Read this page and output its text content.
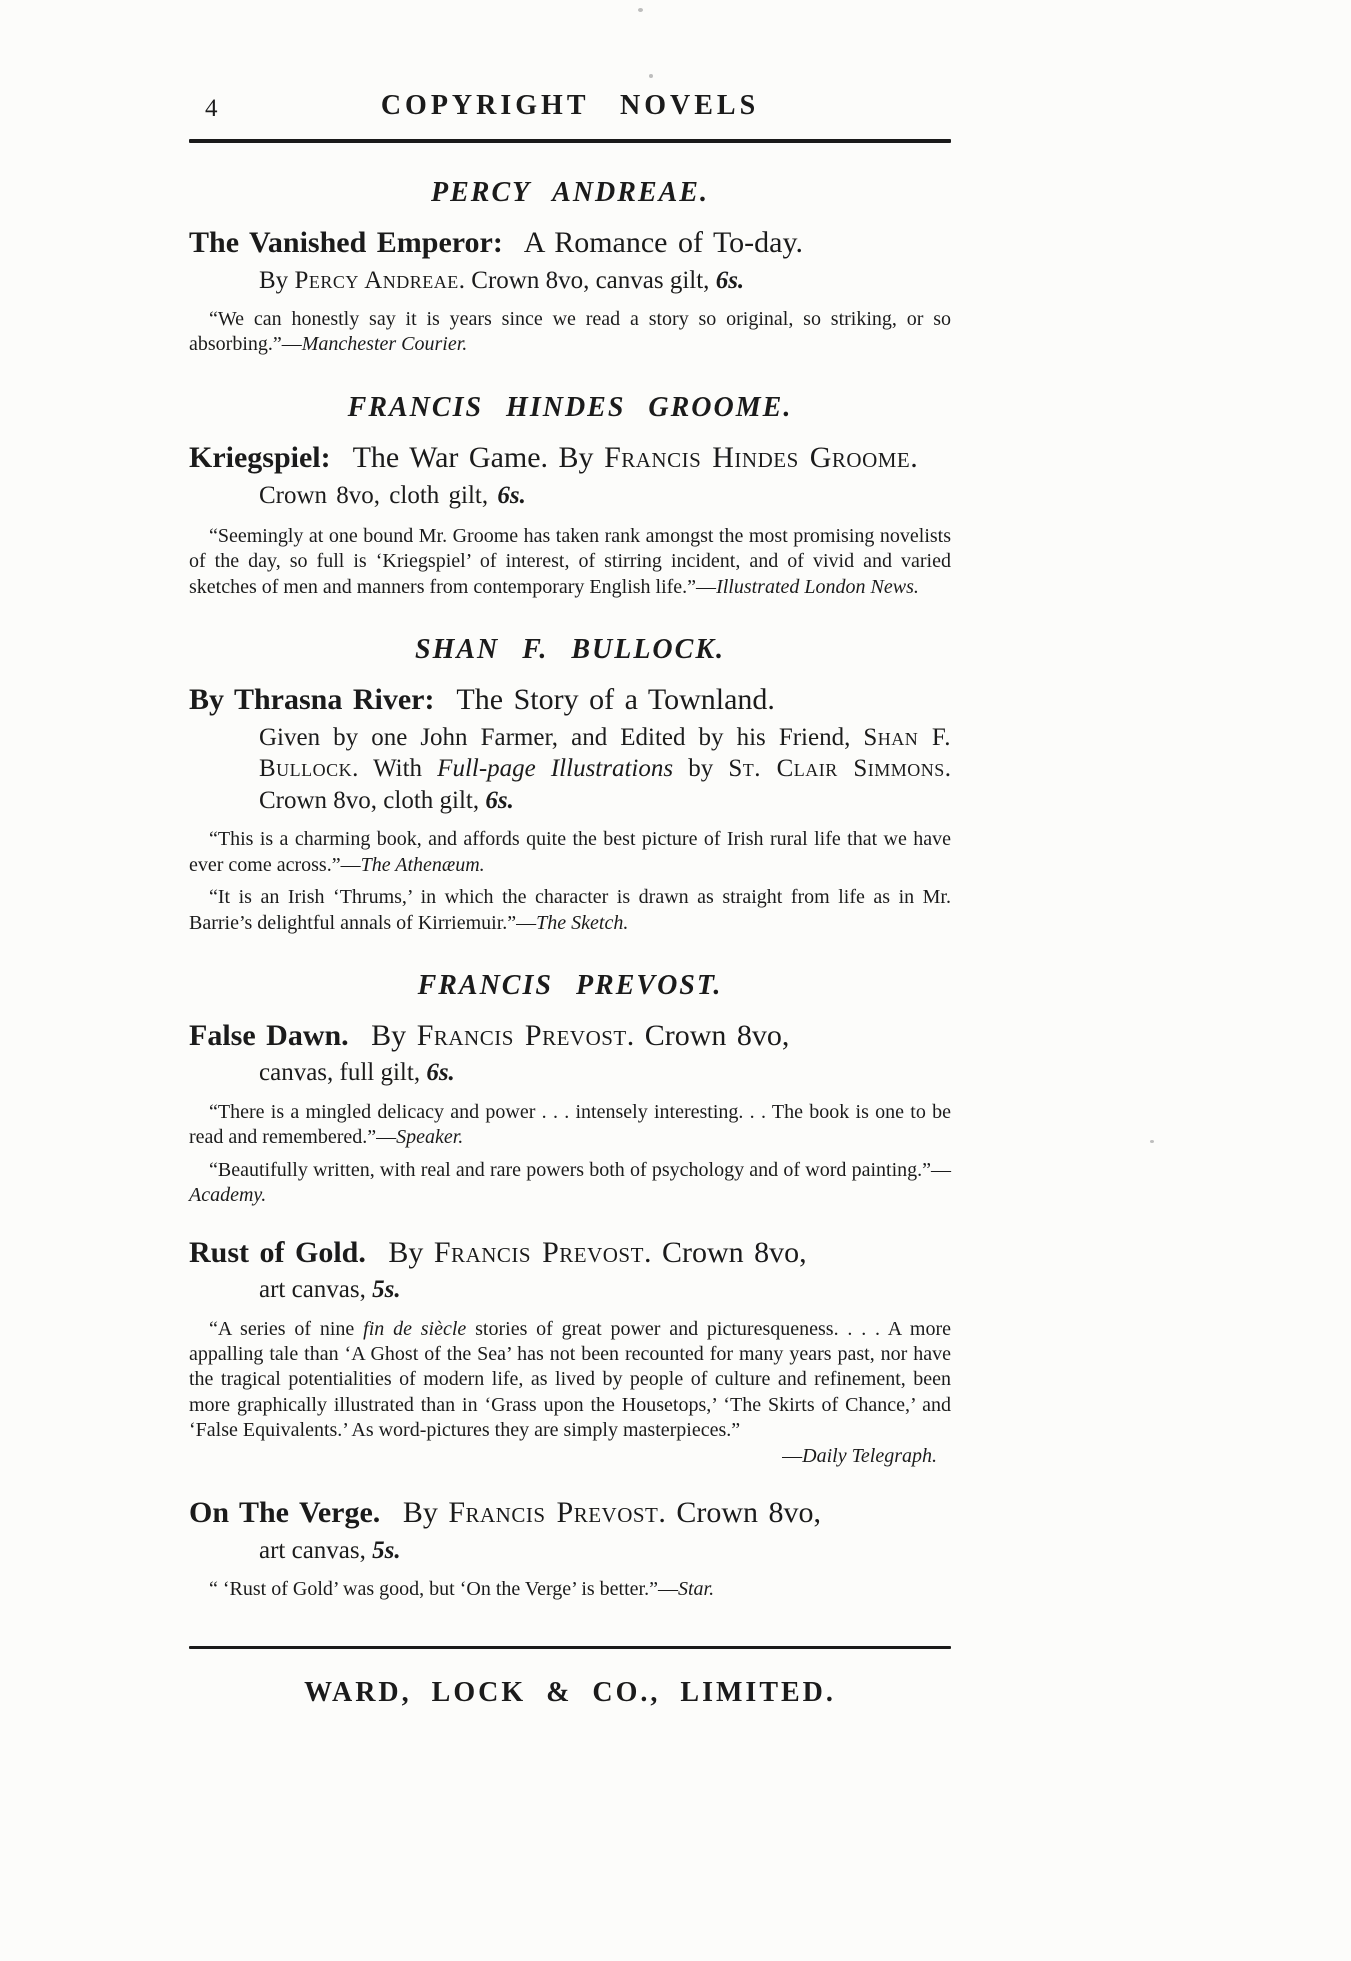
4	COPYRIGHT NOVELS
PERCY ANDREAE.

The Vanished Emperor: A Romance of To-day.

By Percy Andreae. Crown 8vo, canvas gilt, 6s.

“We can honestly say it is years since we read a story so original, so striking, or so absorbing.”—Manchester Courier.

FRANCIS HINDES GROOME.

Kriegspiel: The War Game. By Francis Hindes Groome. Crown 8vo, cloth gilt, 6s.

“Seemingly at one bound Mr. Groome has taken rank amongst the most promising novelists of the day, so full is ‘Kriegspiel’ of interest, of stirring incident, and of vivid and varied sketches of men and manners from contemporary English life.”—Illustrated London News.

SHAN F. BULLOCK.

By Thrasna River: The Story of a Townland.

Given by one John Farmer, and Edited by his Friend, Shan F. Bullock. With Full-page Illustrations by St. Clair Simmons. Crown 8vo, cloth gilt, 6s.

“This is a charming book, and affords quite the best picture of Irish rural life that we have ever come across.”—The Athenæum.

“It is an Irish ‘Thrums,’ in which the character is drawn as straight from life as in Mr. Barrie’s delightful annals of Kirriemuir.”—The Sketch.

FRANCIS PREVOST.

False Dawn. By Francis Prevost. Crown 8vo,

canvas, full gilt, 6s.

“There is a mingled delicacy and power . . . intensely interesting. . . The book is one to be read and remembered.”—Speaker.

“Beautifully written, with real and rare powers both of psychology and of word painting.”—Academy.

Rust of Gold. By Francis Prevost. Crown 8vo,

art canvas, 5s.

“A series of nine fin de siècle stories of great power and picturesqueness. . . . A more appalling tale than ‘A Ghost of the Sea’ has not been recounted for many years past, nor have the tragical potentialities of modern life, as lived by people of culture and refinement, been more graphically illustrated than in ‘Grass upon the Housetops,’ ‘The Skirts of Chance,’ and ‘False Equivalents.’ As word-pictures they are simply masterpieces.”

—Daily Telegraph.

On The Verge. By Francis Prevost. Crown 8vo,

art canvas, 5s.

“ ‘Rust of Gold’ was good, but ‘On the Verge’ is better.”—Star.

WARD, LOCK & CO., LIMITED.
